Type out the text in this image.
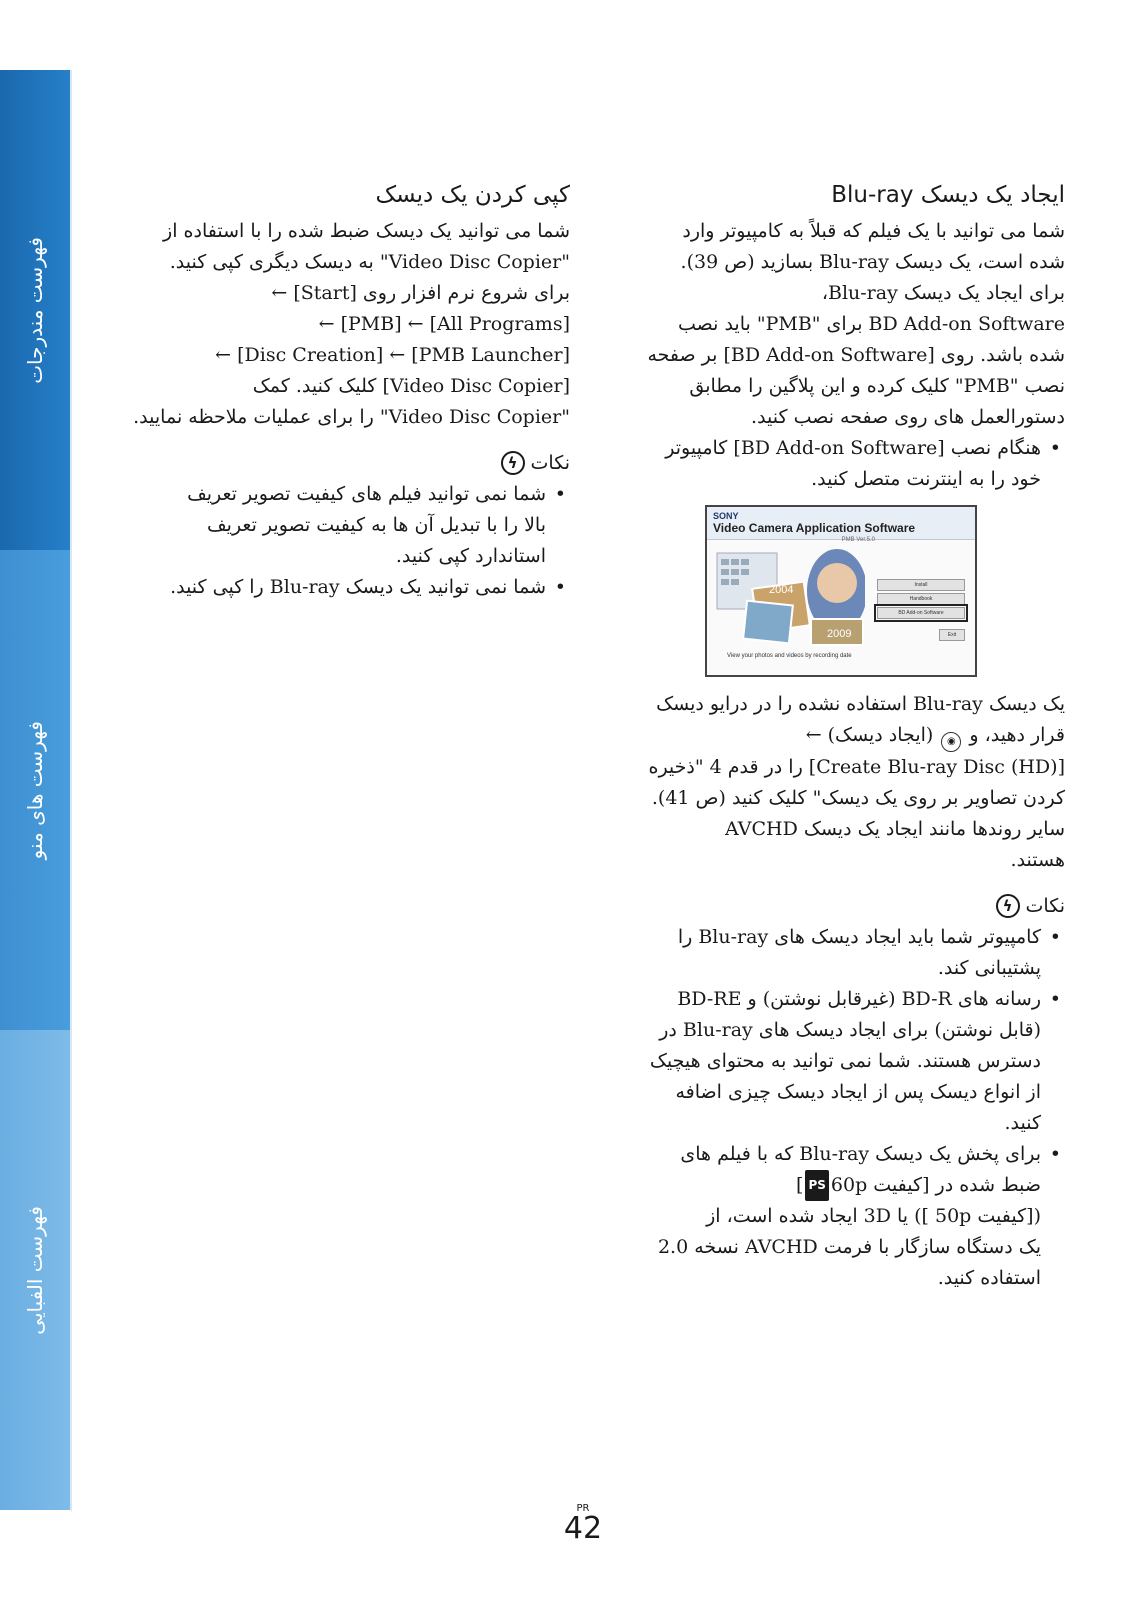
فهرست مندرجات
فهرست های منو
فهرست الفبایی
ایجاد یک دیسک Blu-ray

شما می توانید با یک فیلم که قبلاً به کامپیوتر وارد
شده است، یک دیسک Blu-ray بسازید (ص 39).
برای ایجاد یک دیسک Blu-ray،
BD Add-on Software برای "PMB" باید نصب
شده باشد. روی [BD Add-on Software] بر صفحه
نصب "PMB" کلیک کرده و این پلاگین را مطابق
دستورالعمل های روی صفحه نصب کنید.

• هنگام نصب [BD Add-on Software] کامپیوتر
خود را به اینترنت متصل کنید.
SONY
Video Camera Application Software
PMB Ver.5.0
2004
2009
Install
Handbook
BD Add-on Software
Exit
View your photos and videos by recording date

یک دیسک Blu-ray استفاده نشده را در درایو دیسک
قرار دهید، و ◉ (ایجاد دیسک) ←
[Create Blu-ray Disc (HD)] را در قدم 4 "ذخیره
کردن تصاویر بر روی یک دیسک" کلیک کنید (ص 41).
سایر روندها مانند ایجاد یک دیسک AVCHD
هستند.

نکات
ϟ
• کامپیوتر شما باید ایجاد دیسک های Blu-ray را
پشتیبانی کند.
• رسانه های BD-R (غیرقابل نوشتن) و BD-RE
(قابل نوشتن) برای ایجاد دیسک های Blu-ray در
دسترس هستند. شما نمی توانید به محتوای هیچیک
از انواع دیسک پس از ایجاد دیسک چیزی اضافه
کنید.
• برای پخش یک دیسک Blu-ray که با فیلم های
ضبط شده در [کیفیت 60pPS]
([کیفیت 50p ]) یا 3D ایجاد شده است، از
یک دستگاه سازگار با فرمت AVCHD نسخه 2.0
استفاده کنید.
کپی کردن یک دیسک

شما می توانید یک دیسک ضبط شده را با استفاده از
"Video Disc Copier" به دیسک دیگری کپی کنید.
برای شروع نرم افزار روی [Start] ←
[All Programs] ← [PMB] ←
[PMB Launcher] ← [Disc Creation] ←
[Video Disc Copier] کلیک کنید. کمک
"Video Disc Copier" را برای عملیات ملاحظه نمایید.

نکات
ϟ
• شما نمی توانید فیلم های کیفیت تصویر تعریف
بالا را با تبدیل آن ها به کیفیت تصویر تعریف
استاندارد کپی کنید.
• شما نمی توانید یک دیسک Blu-ray را کپی کنید.
PR
42
